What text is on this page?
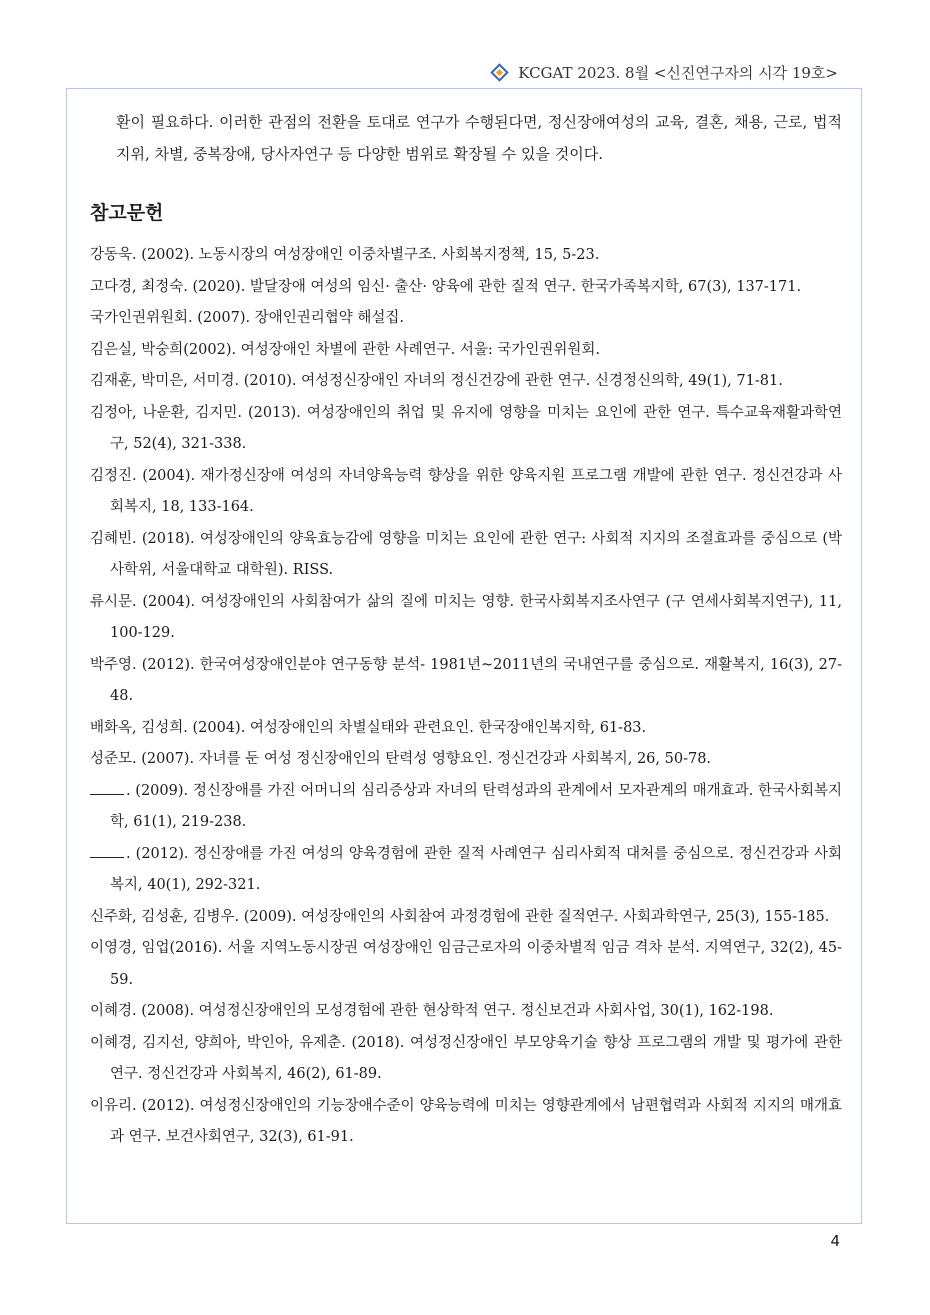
KCGAT 2023. 8월 <신진연구자의 시각 19호>

환이 필요하다. 이러한 관점의 전환을 토대로 연구가 수행된다면, 정신장애여성의 교육, 결혼, 채용, 근로, 법적 지위, 차별, 중복장애, 당사자연구 등 다양한 범위로 확장될 수 있을 것이다.

참고문헌

강동욱. (2002). 노동시장의 여성장애인 이중차별구조. 사회복지정책, 15, 5-23.

고다경, 최정숙. (2020). 발달장애 여성의 임신· 출산· 양육에 관한 질적 연구. 한국가족복지학, 67(3), 137-171.

국가인권위원회. (2007). 장애인권리협약 해설집.

김은실, 박숭희(2002). 여성장애인 차별에 관한 사례연구. 서울: 국가인권위원회.

김재훈, 박미은, 서미경. (2010). 여성정신장애인 자녀의 정신건강에 관한 연구. 신경정신의학, 49(1), 71-81.

김정아, 나운환, 김지민. (2013). 여성장애인의 취업 및 유지에 영향을 미치는 요인에 관한 연구. 특수교육재활과학연구, 52(4), 321-338.

김정진. (2004). 재가정신장애 여성의 자녀양육능력 향상을 위한 양육지원 프로그램 개발에 관한 연구. 정신건강과 사회복지, 18, 133-164.

김혜빈. (2018). 여성장애인의 양육효능감에 영향을 미치는 요인에 관한 연구: 사회적 지지의 조절효과를 중심으로 (박사학위, 서울대학교 대학원). RISS.

류시문. (2004). 여성장애인의 사회참여가 삶의 질에 미치는 영향. 한국사회복지조사연구 (구 연세사회복지연구), 11, 100-129.

박주영. (2012). 한국여성장애인분야 연구동향 분석- 1981년~2011년의 국내연구를 중심으로. 재활복지, 16(3), 27-48.

배화옥, 김성희. (2004). 여성장애인의 차별실태와 관련요인. 한국장애인복지학, 61-83.

성준모. (2007). 자녀를 둔 여성 정신장애인의 탄력성 영향요인. 정신건강과 사회복지, 26, 50-78.

. (2009). 정신장애를 가진 어머니의 심리증상과 자녀의 탄력성과의 관계에서 모자관계의 매개효과. 한국사회복지학, 61(1), 219-238.

. (2012). 정신장애를 가진 여성의 양육경험에 관한 질적 사례연구 심리사회적 대처를 중심으로. 정신건강과 사회복지, 40(1), 292-321.

신주화, 김성훈, 김병우. (2009). 여성장애인의 사회참여 과정경험에 관한 질적연구. 사회과학연구, 25(3), 155-185.

이영경, 임업(2016). 서울 지역노동시장권 여성장애인 임금근로자의 이중차별적 임금 격차 분석. 지역연구, 32(2), 45-59.

이혜경. (2008). 여성정신장애인의 모성경험에 관한 현상학적 연구. 정신보건과 사회사업, 30(1), 162-198.

이혜경, 김지선, 양희아, 박인아, 유제춘. (2018). 여성정신장애인 부모양육기술 향상 프로그램의 개발 및 평가에 관한 연구. 정신건강과 사회복지, 46(2), 61-89.

이유리. (2012). 여성정신장애인의 기능장애수준이 양육능력에 미치는 영향관계에서 남편협력과 사회적 지지의 매개효과 연구. 보건사회연구, 32(3), 61-91.

4
